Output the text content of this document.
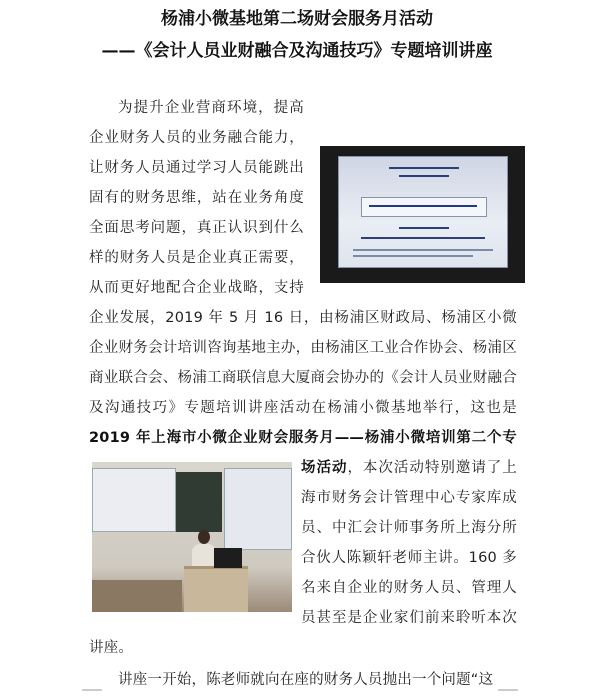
杨浦小微基地第二场财会服务月活动
——《会计人员业财融合及沟通技巧》专题培训讲座

为提升企业营商环境，提高企业财务人员的业务融合能力，让财务人员通过学习人员能跳出固有的财务思维，站在业务角度全面思考问题，真正认识到什么样的财务人员是企业真正需要，从而更好地配合企业战略，支持企业发展，2019 年 5 月 16 日，由杨浦区财政局、杨浦区小微企业财务会计培训咨询基地主办，由杨浦区工业合作协会、杨浦区商业联合会、杨浦工商联信息大厦商会协办的《会计人员业财融合及沟通技巧》专题培训讲座活动在杨浦小微基地举行，这也是2019 年上海市小微企业财会服务月——杨浦小微培训第二个专场活动
，本次活动特别邀请了上海市财务会计管理中心专家库成员、中汇会计师事务所上海分所合伙人陈颖轩老师主讲。160 多名来自企业的财务人员、管理人员甚至是企业家们前来聆听本次讲座。

讲座一开始，陈老师就向在座的财务人员抛出一个问题“这
